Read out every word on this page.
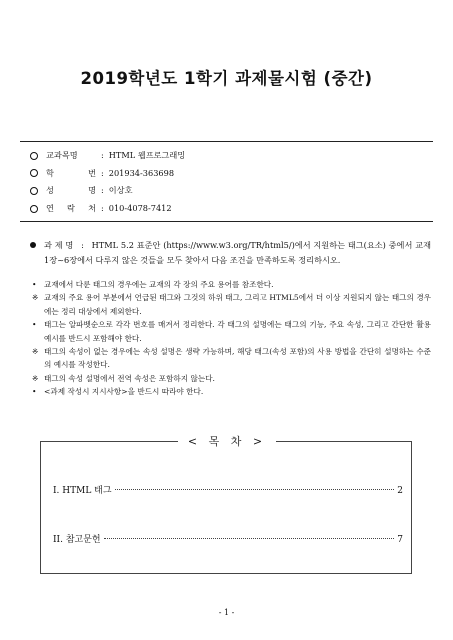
2019학년도 1학기 과제물시험 (중간)
교과목명	: HTML 웹프로그래밍
학 번 : 201934-363698
성 명 : 이상호
연 락 처 : 010-4078-7412
과 제 명 : HTML 5.2 표준안 (https://www.w3.org/TR/html5/)에서 지원하는 태그(요소) 중에서 교재 1장~6장에서 다루지 않은 것들을 모두 찾아서 다음 조건을 만족하도록 정리하시오.
• 교재에서 다룬 태그의 경우에는 교재의 각 장의 주요 용어를 참조한다.
※ 교재의 주요 용어 부분에서 언급된 태그와 그것의 하위 태그, 그리고 HTML5에서 더 이상 지원되지 않는 태그의 경우에는 정리 대상에서 제외한다.
• 태그는 알파벳순으로 각각 번호를 매겨서 정리한다. 각 태그의 설명에는 태그의 기능, 주요 속성, 그리고 간단한 활용 예시를 반드시 포함해야 한다.
※ 태그의 속성이 없는 경우에는 속성 설명은 생략 가능하며, 해당 태그(속성 포함)의 사용 방법을 간단히 설명하는 수준의 예시를 작성한다.
※ 태그의 속성 설명에서 전역 속성은 포함하지 않는다.
• <과제 작성시 지시사항>을 반드시 따라야 한다.
< 목 차 >
I. HTML 태그	2
II. 참고문헌	7
- 1 -
